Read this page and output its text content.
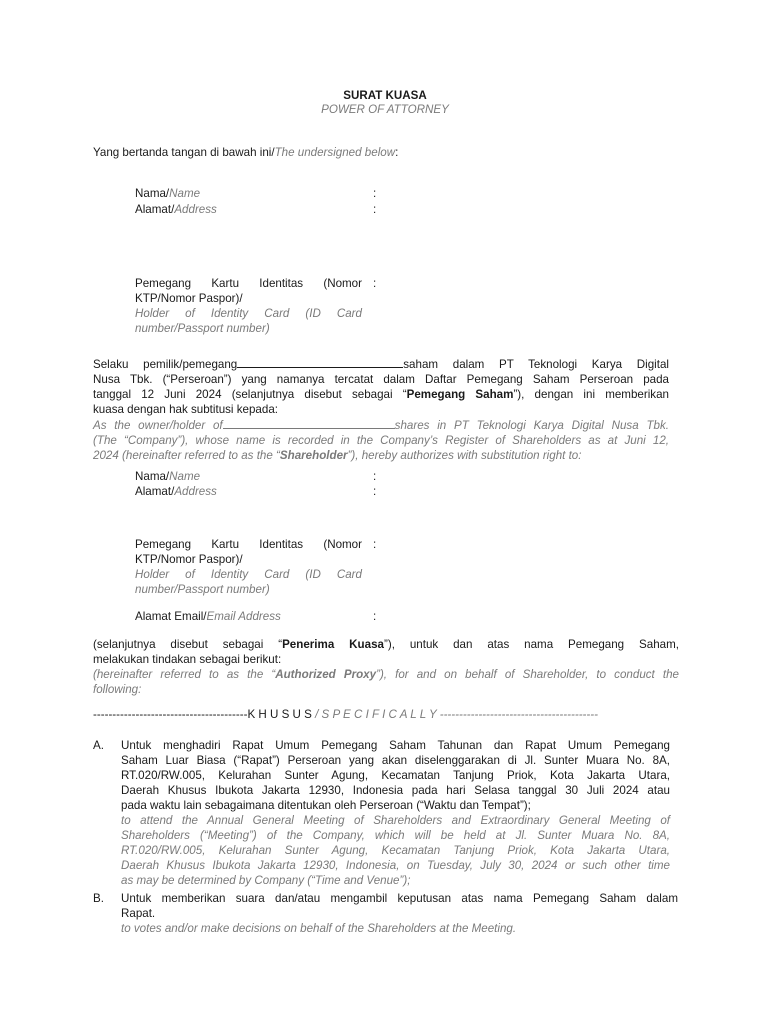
SURAT KUASA
POWER OF ATTORNEY
Yang bertanda tangan di bawah ini/The undersigned below:
Nama/Name	:
Alamat/Address	:
Pemegang Kartu Identitas (Nomor
KTP/Nomor Paspor)/
Holder of Identity Card (ID Card
number/Passport number)
:
Selaku pemilik/pemegang	saham dalam PT Teknologi Karya Digital
Nusa Tbk. (“Perseroan”) yang namanya tercatat dalam Daftar Pemegang Saham Perseroan pada
tanggal 12 Juni 2024 (selanjutnya disebut sebagai “Pemegang Saham”), dengan ini memberikan
kuasa dengan hak subtitusi kepada:
As the owner/holder of	shares in PT Teknologi Karya Digital Nusa Tbk.
(The “Company”), whose name is recorded in the Company’s Register of Shareholders as at Juni 12,
2024 (hereinafter referred to as the “Shareholder”), hereby authorizes with substitution right to:
Nama/Name	:
Alamat/Address	:
Pemegang Kartu Identitas (Nomor
KTP/Nomor Paspor)/
Holder of Identity Card (ID Card
number/Passport number)
:
Alamat Email/Email Address	:
(selanjutnya disebut sebagai “Penerima Kuasa”), untuk dan atas nama Pemegang Saham,
melakukan tindakan sebagai berikut:
(hereinafter referred to as the “Authorized Proxy”), for and on behalf of Shareholder, to conduct the
following:
----------------------------------------K H U S U S / S P E C I F I C A L L Y -----------------------------------------
A. Untuk menghadiri Rapat Umum Pemegang Saham Tahunan dan Rapat Umum Pemegang
Saham Luar Biasa (“Rapat”) Perseroan yang akan diselenggarakan di Jl. Sunter Muara No. 8A,
RT.020/RW.005, Kelurahan Sunter Agung, Kecamatan Tanjung Priok, Kota Jakarta Utara,
Daerah Khusus Ibukota Jakarta 12930, Indonesia pada hari Selasa tanggal 30 Juli 2024 atau
pada waktu lain sebagaimana ditentukan oleh Perseroan (“Waktu dan Tempat”);
to attend the Annual General Meeting of Shareholders and Extraordinary General Meeting of
Shareholders (“Meeting”) of the Company, which will be held at Jl. Sunter Muara No. 8A,
RT.020/RW.005, Kelurahan Sunter Agung, Kecamatan Tanjung Priok, Kota Jakarta Utara,
Daerah Khusus Ibukota Jakarta 12930, Indonesia, on Tuesday, July 30, 2024 or such other time
as may be determined by Company (“Time and Venue”);
B. Untuk memberikan suara dan/atau mengambil keputusan atas nama Pemegang Saham dalam
Rapat.
to votes and/or make decisions on behalf of the Shareholders at the Meeting.
